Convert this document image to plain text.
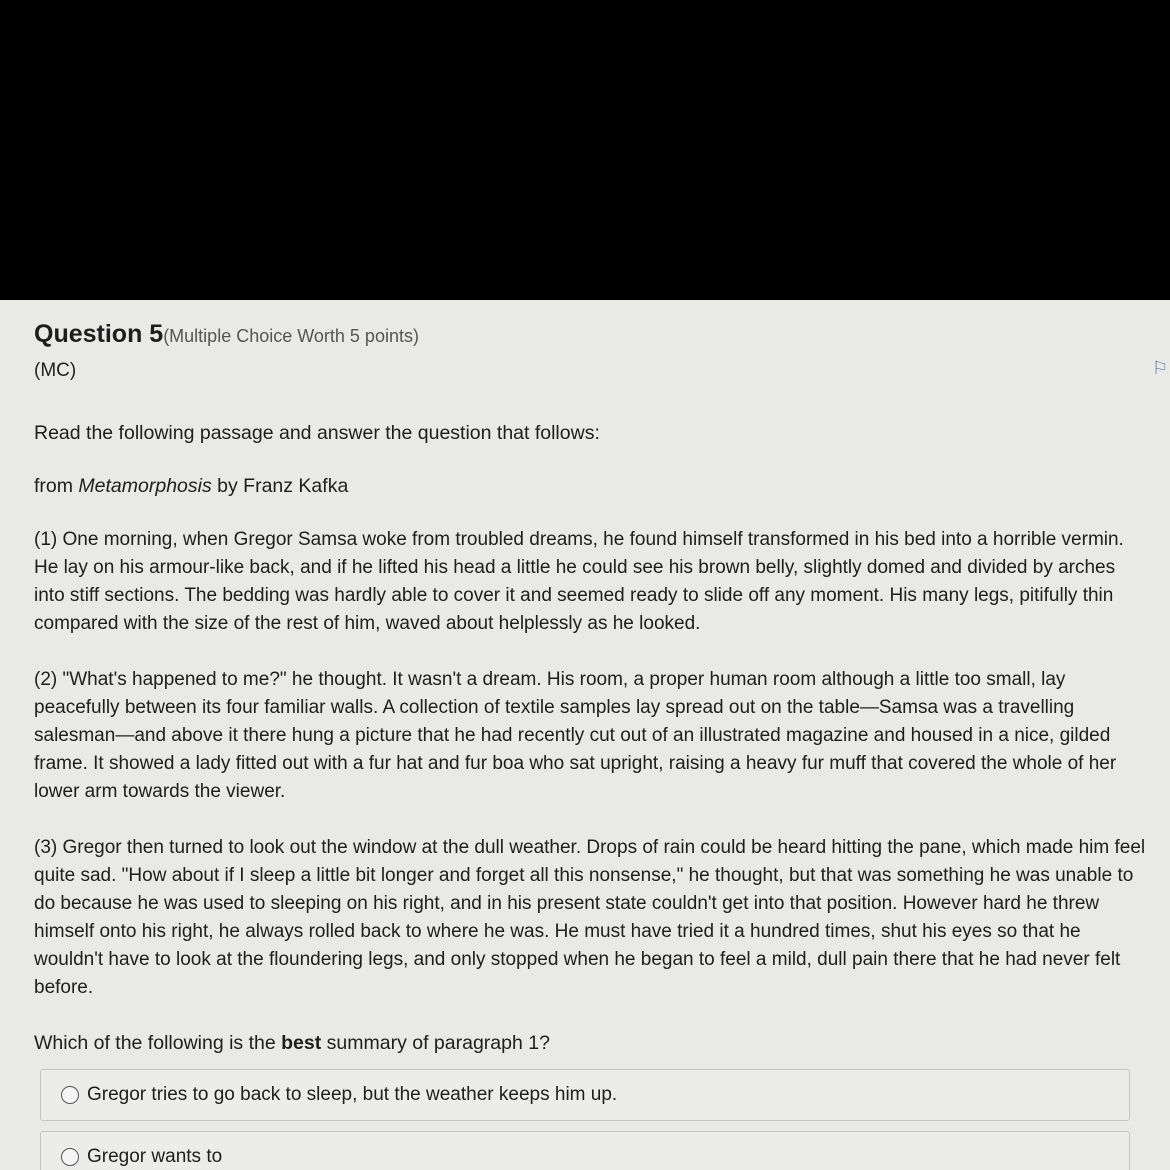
Question 5(Multiple Choice Worth 5 points)
(MC)
Read the following passage and answer the question that follows:
from Metamorphosis by Franz Kafka
(1) One morning, when Gregor Samsa woke from troubled dreams, he found himself transformed in his bed into a horrible vermin. He lay on his armour-like back, and if he lifted his head a little he could see his brown belly, slightly domed and divided by arches into stiff sections. The bedding was hardly able to cover it and seemed ready to slide off any moment. His many legs, pitifully thin compared with the size of the rest of him, waved about helplessly as he looked.
(2) "What's happened to me?" he thought. It wasn't a dream. His room, a proper human room although a little too small, lay peacefully between its four familiar walls. A collection of textile samples lay spread out on the table—Samsa was a travelling salesman—and above it there hung a picture that he had recently cut out of an illustrated magazine and housed in a nice, gilded frame. It showed a lady fitted out with a fur hat and fur boa who sat upright, raising a heavy fur muff that covered the whole of her lower arm towards the viewer.
(3) Gregor then turned to look out the window at the dull weather. Drops of rain could be heard hitting the pane, which made him feel quite sad. "How about if I sleep a little bit longer and forget all this nonsense," he thought, but that was something he was unable to do because he was used to sleeping on his right, and in his present state couldn't get into that position. However hard he threw himself onto his right, he always rolled back to where he was. He must have tried it a hundred times, shut his eyes so that he wouldn't have to look at the floundering legs, and only stopped when he began to feel a mild, dull pain there that he had never felt before.
Which of the following is the best summary of paragraph 1?
Gregor tries to go back to sleep, but the weather keeps him up.
Gregor wants to
⚐
